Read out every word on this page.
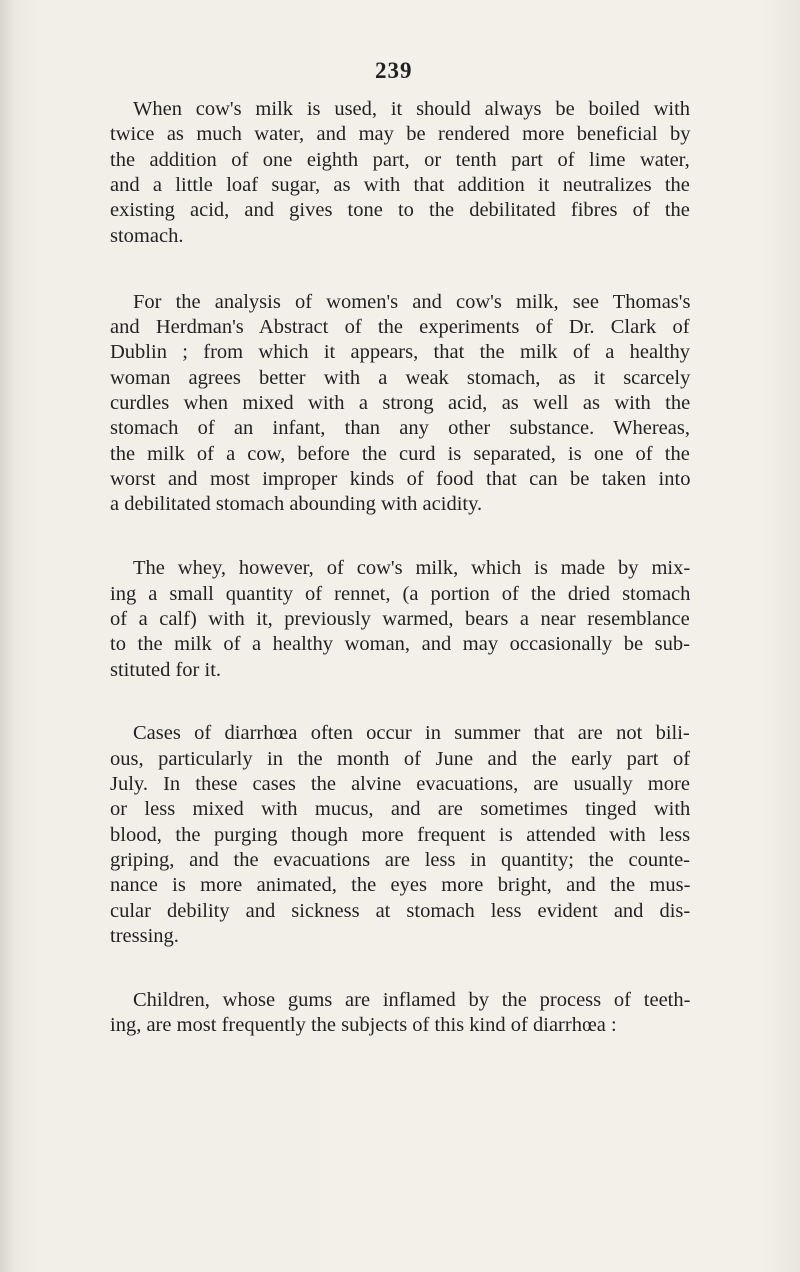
239
When cow's milk is used, it should always be boiled with
twice as much water, and may be rendered more beneficial by
the addition of one eighth part, or tenth part of lime water,
and a little loaf sugar, as with that addition it neutralizes the
existing acid, and gives tone to the debilitated fibres of the
stomach.
For the analysis of women's and cow's milk, see Thomas's
and Herdman's Abstract of the experiments of Dr. Clark of
Dublin ; from which it appears, that the milk of a healthy
woman agrees better with a weak stomach, as it scarcely
curdles when mixed with a strong acid, as well as with the
stomach of an infant, than any other substance. Whereas,
the milk of a cow, before the curd is separated, is one of the
worst and most improper kinds of food that can be taken into
a debilitated stomach abounding with acidity.
The whey, however, of cow's milk, which is made by mix-
ing a small quantity of rennet, (a portion of the dried stomach
of a calf) with it, previously warmed, bears a near resemblance
to the milk of a healthy woman, and may occasionally be sub-
stituted for it.
Cases of diarrhœa often occur in summer that are not bili-
ous, particularly in the month of June and the early part of
July. In these cases the alvine evacuations, are usually more
or less mixed with mucus, and are sometimes tinged with
blood, the purging though more frequent is attended with less
griping, and the evacuations are less in quantity; the counte-
nance is more animated, the eyes more bright, and the mus-
cular debility and sickness at stomach less evident and dis-
tressing.
Children, whose gums are inflamed by the process of teeth-
ing, are most frequently the subjects of this kind of diarrhœa :
